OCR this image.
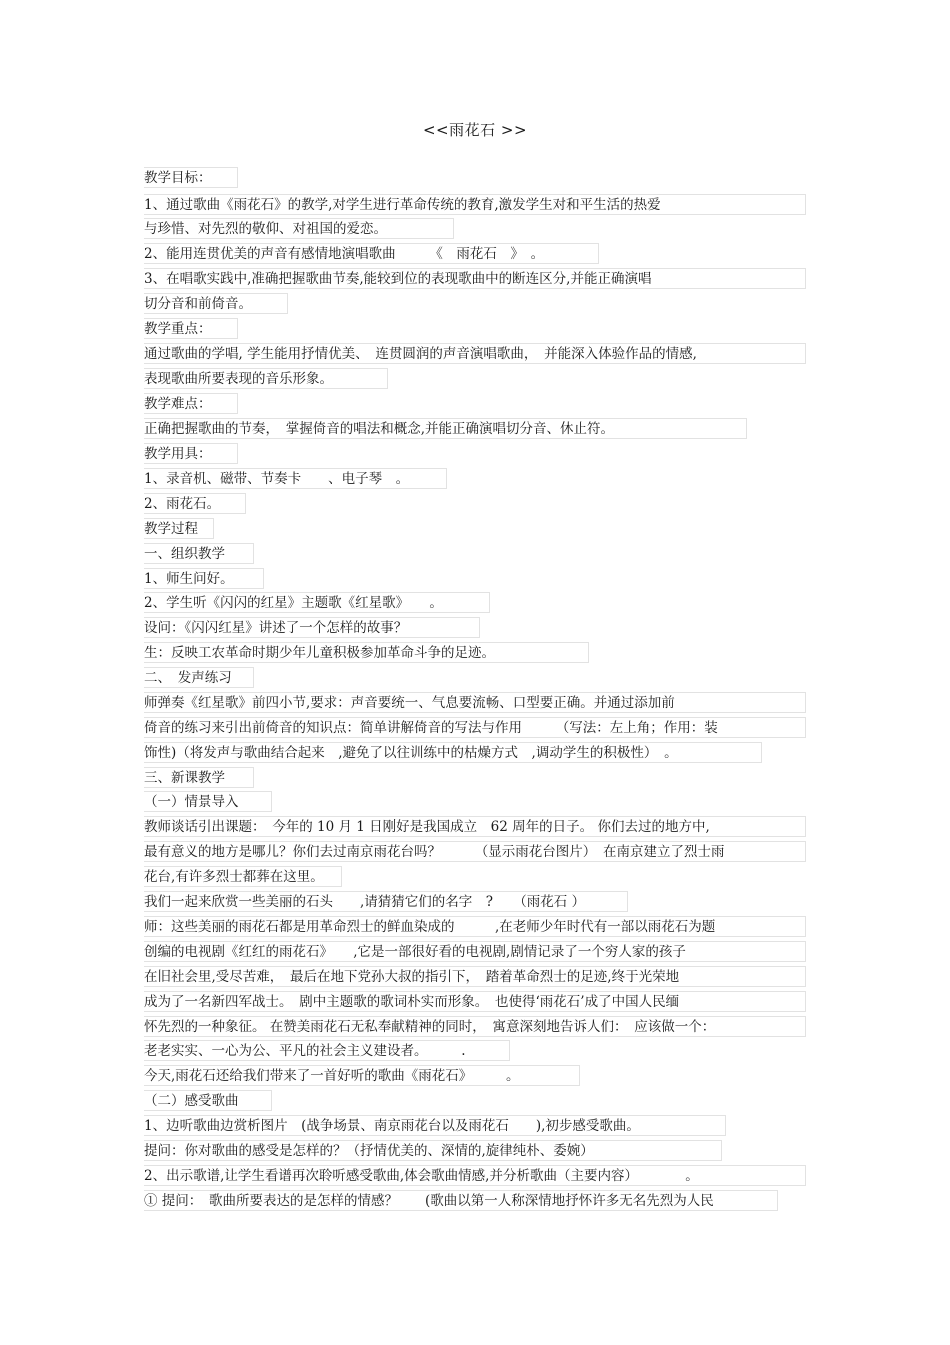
<<雨花石 >>
教学目标：
1、通过歌曲《雨花石》的教学,对学生进行革命传统的教育,激发学生对和平生活的热爱
与珍惜、对先烈的敬仰、对祖国的爱恋。
2、能用连贯优美的声音有感情地演唱歌曲　　　《　雨花石　》　。
3、在唱歌实践中,准确把握歌曲节奏,能较到位的表现歌曲中的断连区分,并能正确演唱
切分音和前倚音。
教学重点：
通过歌曲的学唱, 学生能用抒情优美、　连贯圆润的声音演唱歌曲，　并能深入体验作品的情感,
表现歌曲所要表现的音乐形象。
教学难点：
正确把握歌曲的节奏，　掌握倚音的唱法和概念,并能正确演唱切分音、休止符。
教学用具：
1、录音机、磁带、节奏卡　　、电子琴　。
2、雨花石。
教学过程
一、组织教学
1、师生问好。
2、学生听《闪闪的红星》主题歌《红星歌》　　。
设问：《闪闪红星》讲述了一个怎样的故事？
生：反映工农革命时期少年儿童积极参加革命斗争的足迹。
二、　发声练习
师弹奏《红星歌》前四小节,要求：声音要统一、气息要流畅、口型要正确。并通过添加前
倚音的练习来引出前倚音的知识点：简单讲解倚音的写法与作用　　　（写法：左上角；作用：装
饰性)（将发声与歌曲结合起来　,避免了以往训练中的枯燥方式　,调动学生的积极性）　。
三、新课教学
（一）情景导入
教师谈话引出课题：　今年的 10 月 1 日刚好是我国成立　62 周年的日子。 你们去过的地方中,
最有意义的地方是哪儿？你们去过南京雨花台吗？　　　（显示雨花台图片）　在南京建立了烈士雨
花台,有许多烈士都葬在这里。
我们一起来欣赏一些美丽的石头　　,请猜猜它们的名字　?　　（雨花石 ）
师：这些美丽的雨花石都是用革命烈士的鲜血染成的　　　,在老师少年时代有一部以雨花石为题
创编的电视剧《红红的雨花石》　　,它是一部很好看的电视剧,剧情记录了一个穷人家的孩子
在旧社会里,受尽苦难，　最后在地下党孙大叔的指引下，　踏着革命烈士的足迹,终于光荣地
成为了一名新四军战士。　剧中主题歌的歌词朴实而形象。　也使得‘雨花石’成了中国人民缅
怀先烈的一种象征。 在赞美雨花石无私奉献精神的同时，　寓意深刻地告诉人们：　应该做一个：
老老实实、一心为公、平凡的社会主义建设者。　　　.
今天,雨花石还给我们带来了一首好听的歌曲《雨花石》　　　。
（二）感受歌曲
1、边听歌曲边赏析图片　(战争场景、南京雨花台以及雨花石　　),初步感受歌曲。
提问：你对歌曲的感受是怎样的？（抒情优美的、深情的,旋律纯朴、委婉）
2、出示歌谱,让学生看谱再次聆听感受歌曲,体会歌曲情感,并分析歌曲（主要内容）　　　　。
① 提问：　歌曲所要表达的是怎样的情感？　　(歌曲以第一人称深情地抒怀许多无名先烈为人民
